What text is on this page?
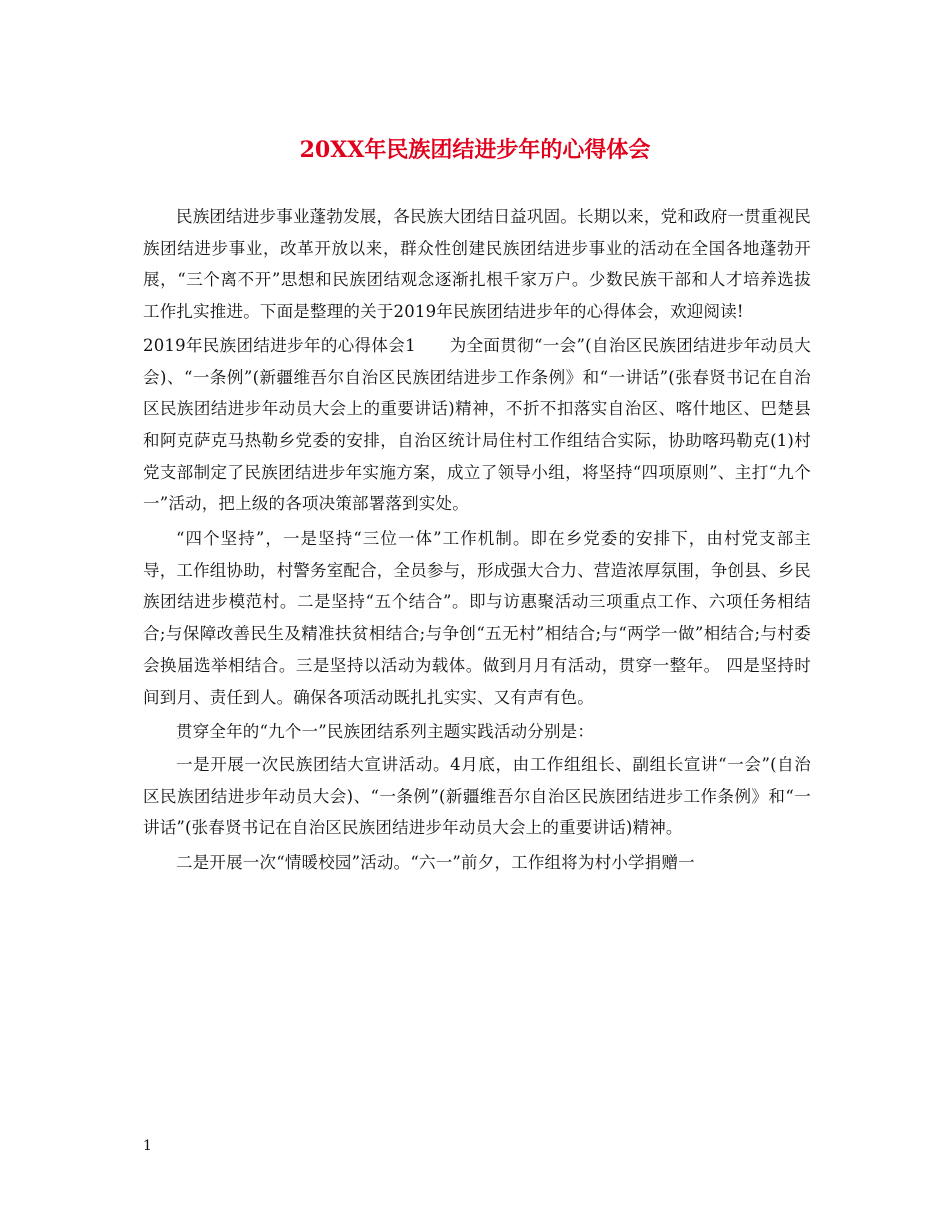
20XX年民族团结进步年的心得体会

民族团结进步事业蓬勃发展，各民族大团结日益巩固。长期以来，党和政府一贯重视民族团结进步事业，改革开放以来，群众性创建民族团结进步事业的活动在全国各地蓬勃开展，“三个离不开”思想和民族团结观念逐渐扎根千家万户。少数民族干部和人才培养选拔工作扎实推进。下面是整理的关于2019年民族团结进步年的心得体会，欢迎阅读!

2019年民族团结进步年的心得体会1　　为全面贯彻“一会”(自治区民族团结进步年动员大会)、“一条例”(新疆维吾尔自治区民族团结进步工作条例》和“一讲话”(张春贤书记在自治区民族团结进步年动员大会上的重要讲话)精神，不折不扣落实自治区、喀什地区、巴楚县和阿克萨克马热勒乡党委的安排，自治区统计局住村工作组结合实际，协助喀玛勒克(1)村党支部制定了民族团结进步年实施方案，成立了领导小组，将坚持“四项原则”、主打“九个一”活动，把上级的各项决策部署落到实处。

“四个坚持”，一是坚持“三位一体”工作机制。即在乡党委的安排下，由村党支部主导，工作组协助，村警务室配合，全员参与，形成强大合力、营造浓厚氛围，争创县、乡民族团结进步模范村。二是坚持“五个结合”。即与访惠聚活动三项重点工作、六项任务相结合;与保障改善民生及精准扶贫相结合;与争创“五无村”相结合;与“两学一做”相结合;与村委会换届选举相结合。三是坚持以活动为载体。做到月月有活动，贯穿一整年。 四是坚持时间到月、责任到人。确保各项活动既扎扎实实、又有声有色。

贯穿全年的“九个一”民族团结系列主题实践活动分别是：

一是开展一次民族团结大宣讲活动。4月底，由工作组组长、副组长宣讲“一会”(自治区民族团结进步年动员大会)、“一条例”(新疆维吾尔自治区民族团结进步工作条例》和“一讲话”(张春贤书记在自治区民族团结进步年动员大会上的重要讲话)精神。

二是开展一次“情暖校园”活动。“六一”前夕，工作组将为村小学捐赠一

1
